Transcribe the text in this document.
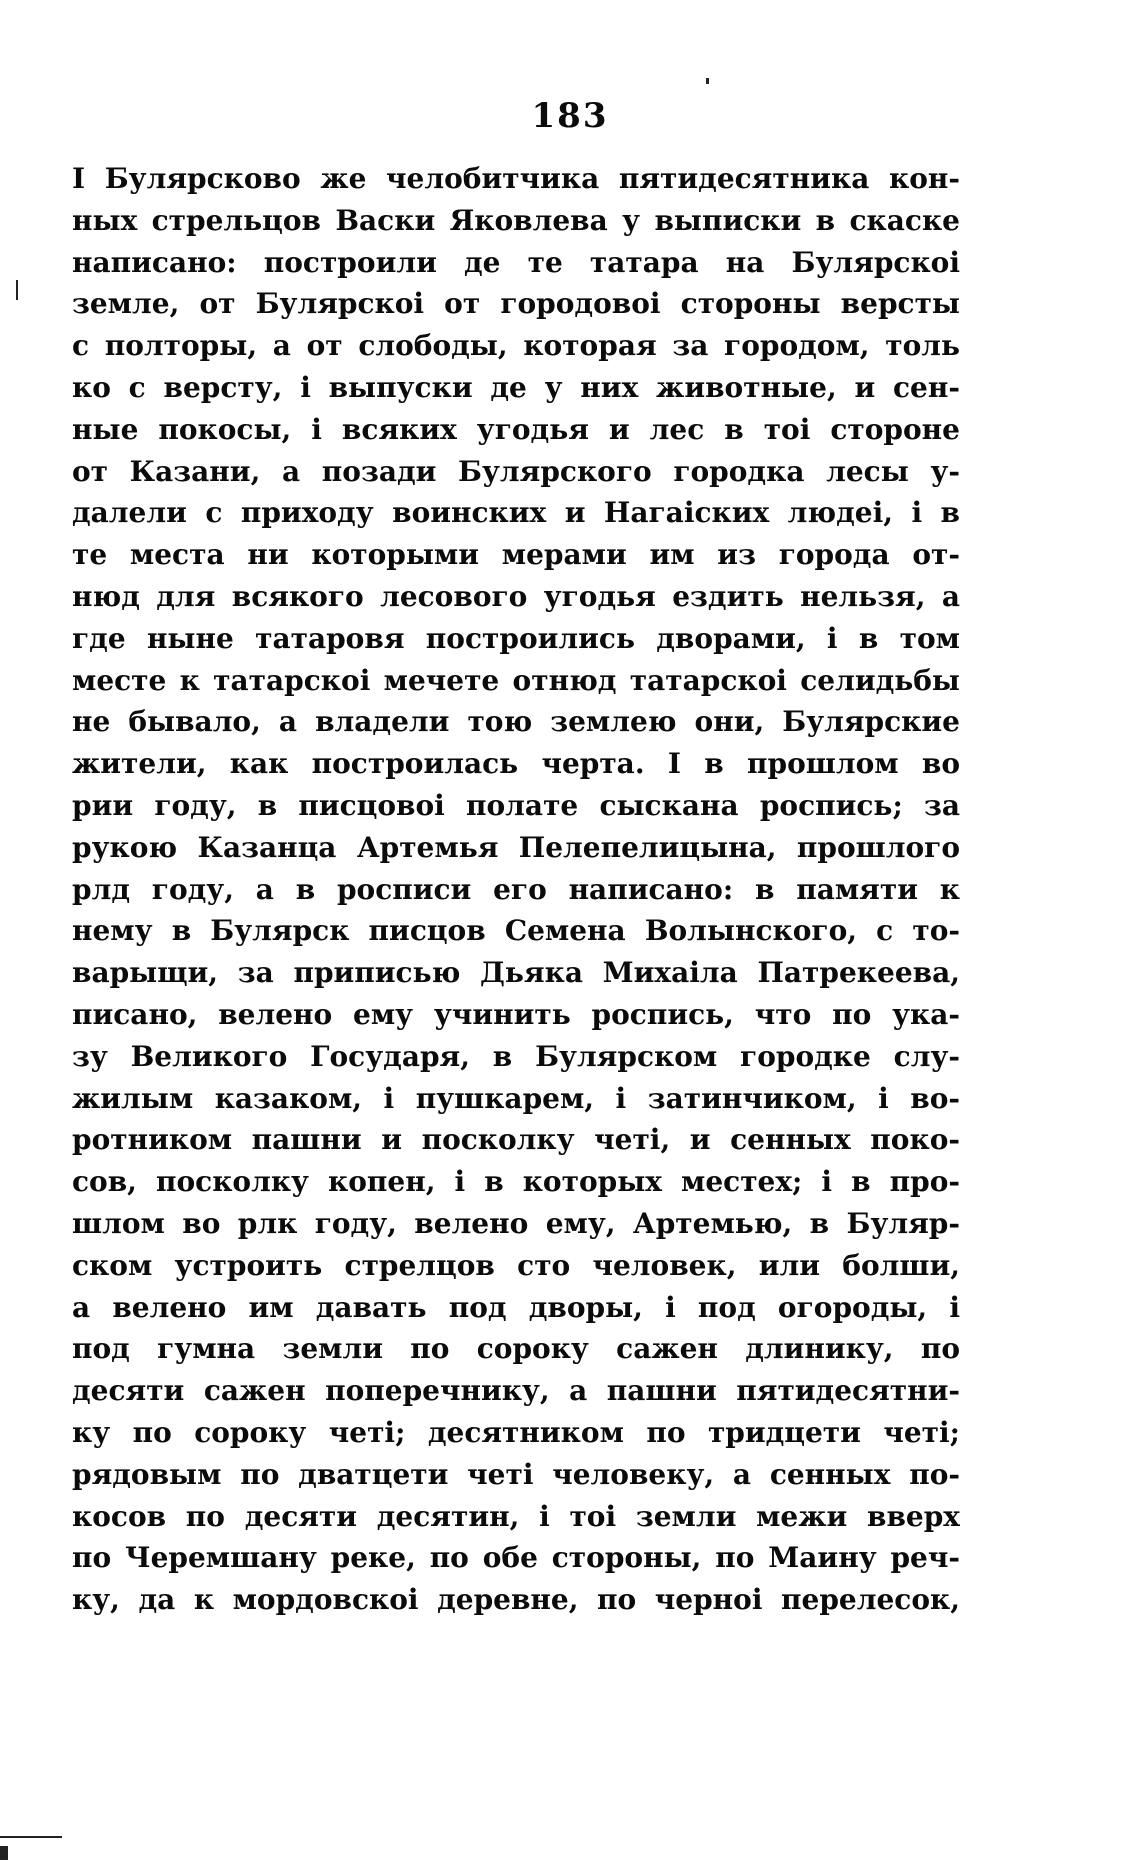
183
I Булярсково же челобитчика пятидесятника кон-
ных стрельцов Васки Яковлева у выписки в скаске
написано: построили де те татара на Булярскоi
земле, от Булярскоi от городовоi стороны версты
с полторы, а от слободы, которая за городом, толь
ко с версту, i выпуски де у них животные, и сен-
ные покосы, i всяких угодья и лес в тоi стороне
от Казани, а позади Булярского городка лесы у-
далели с приходу воинских и Нагаiских людеi, i в
те места ни которыми мерами им из города от-
нюд для всякого лесового угодья ездить нельзя, а
где ныне татаровя построились дворами, i в том
месте к татарскоi мечете отнюд татарскоi селидьбы
не бывало, а владели тою землею они, Булярские
жители, как построилась черта. I в прошлом во
рии году, в писцовоi полате сыскана роспись; за
рукою Казанца Артемья Пелепелицына, прошлого
рлд году, а в росписи его написано: в памяти к
нему в Булярск писцов Семена Волынского, с то-
варыщи, за приписью Дьяка Михаiла Патрекеева,
писано, велено ему учинить роспись, что по ука-
зу Великого Государя, в Булярском городке слу-
жилым казаком, i пушкарем, i затинчиком, i во-
ротником пашни и посколку четi, и сенных поко-
сов, посколку копен, i в которых местех; i в про-
шлом во рлк году, велено ему, Артемью, в Буляр-
ском устроить стрелцов сто человек, или болши,
а велено им давать под дворы, i под огороды, i
под гумна земли по сороку сажен длинику, по
десяти сажен поперечнику, а пашни пятидесятни-
ку по сороку четi; десятником по тридцети четi;
рядовым по дватцети четi человеку, а сенных по-
косов по десяти десятин, i тоi земли межи вверх
по Черемшану реке, по обе стороны, по Маину реч-
ку, да к мордовскоi деревне, по черноi перелесок,
